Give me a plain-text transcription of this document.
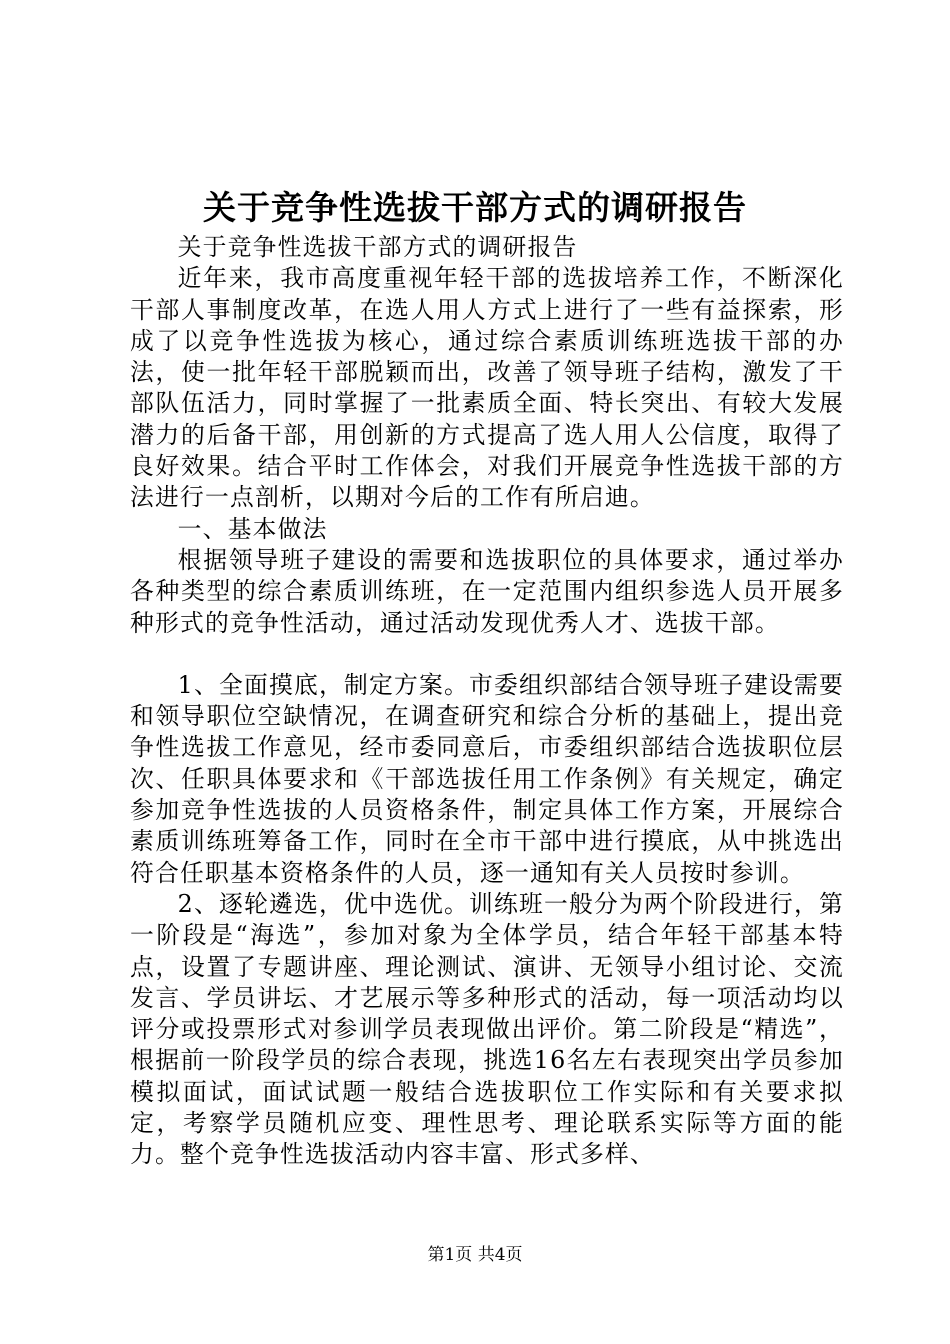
关于竞争性选拔干部方式的调研报告

关于竞争性选拔干部方式的调研报告

近年来，我市高度重视年轻干部的选拔培养工作，不断深化干部人事制度改革，在选人用人方式上进行了一些有益探索，形成了以竞争性选拔为核心，通过综合素质训练班选拔干部的办法，使一批年轻干部脱颖而出，改善了领导班子结构，激发了干部队伍活力，同时掌握了一批素质全面、特长突出、有较大发展潜力的后备干部，用创新的方式提高了选人用人公信度，取得了良好效果。结合平时工作体会，对我们开展竞争性选拔干部的方法进行一点剖析，以期对今后的工作有所启迪。

一、基本做法

根据领导班子建设的需要和选拔职位的具体要求，通过举办各种类型的综合素质训练班，在一定范围内组织参选人员开展多种形式的竞争性活动，通过活动发现优秀人才、选拔干部。

1、全面摸底，制定方案。市委组织部结合领导班子建设需要和领导职位空缺情况，在调查研究和综合分析的基础上，提出竞争性选拔工作意见，经市委同意后，市委组织部结合选拔职位层次、任职具体要求和《干部选拔任用工作条例》有关规定，确定参加竞争性选拔的人员资格条件，制定具体工作方案，开展综合素质训练班筹备工作，同时在全市干部中进行摸底，从中挑选出符合任职基本资格条件的人员，逐一通知有关人员按时参训。

2、逐轮遴选，优中选优。训练班一般分为两个阶段进行，第一阶段是“海选”，参加对象为全体学员，结合年轻干部基本特点，设置了专题讲座、理论测试、演讲、无领导小组讨论、交流发言、学员讲坛、才艺展示等多种形式的活动，每一项活动均以评分或投票形式对参训学员表现做出评价。第二阶段是“精选”，根据前一阶段学员的综合表现，挑选16名左右表现突出学员参加模拟面试，面试试题一般结合选拔职位工作实际和有关要求拟定，考察学员随机应变、理性思考、理论联系实际等方面的能力。整个竞争性选拔活动内容丰富、形式多样、

第1页 共4页
